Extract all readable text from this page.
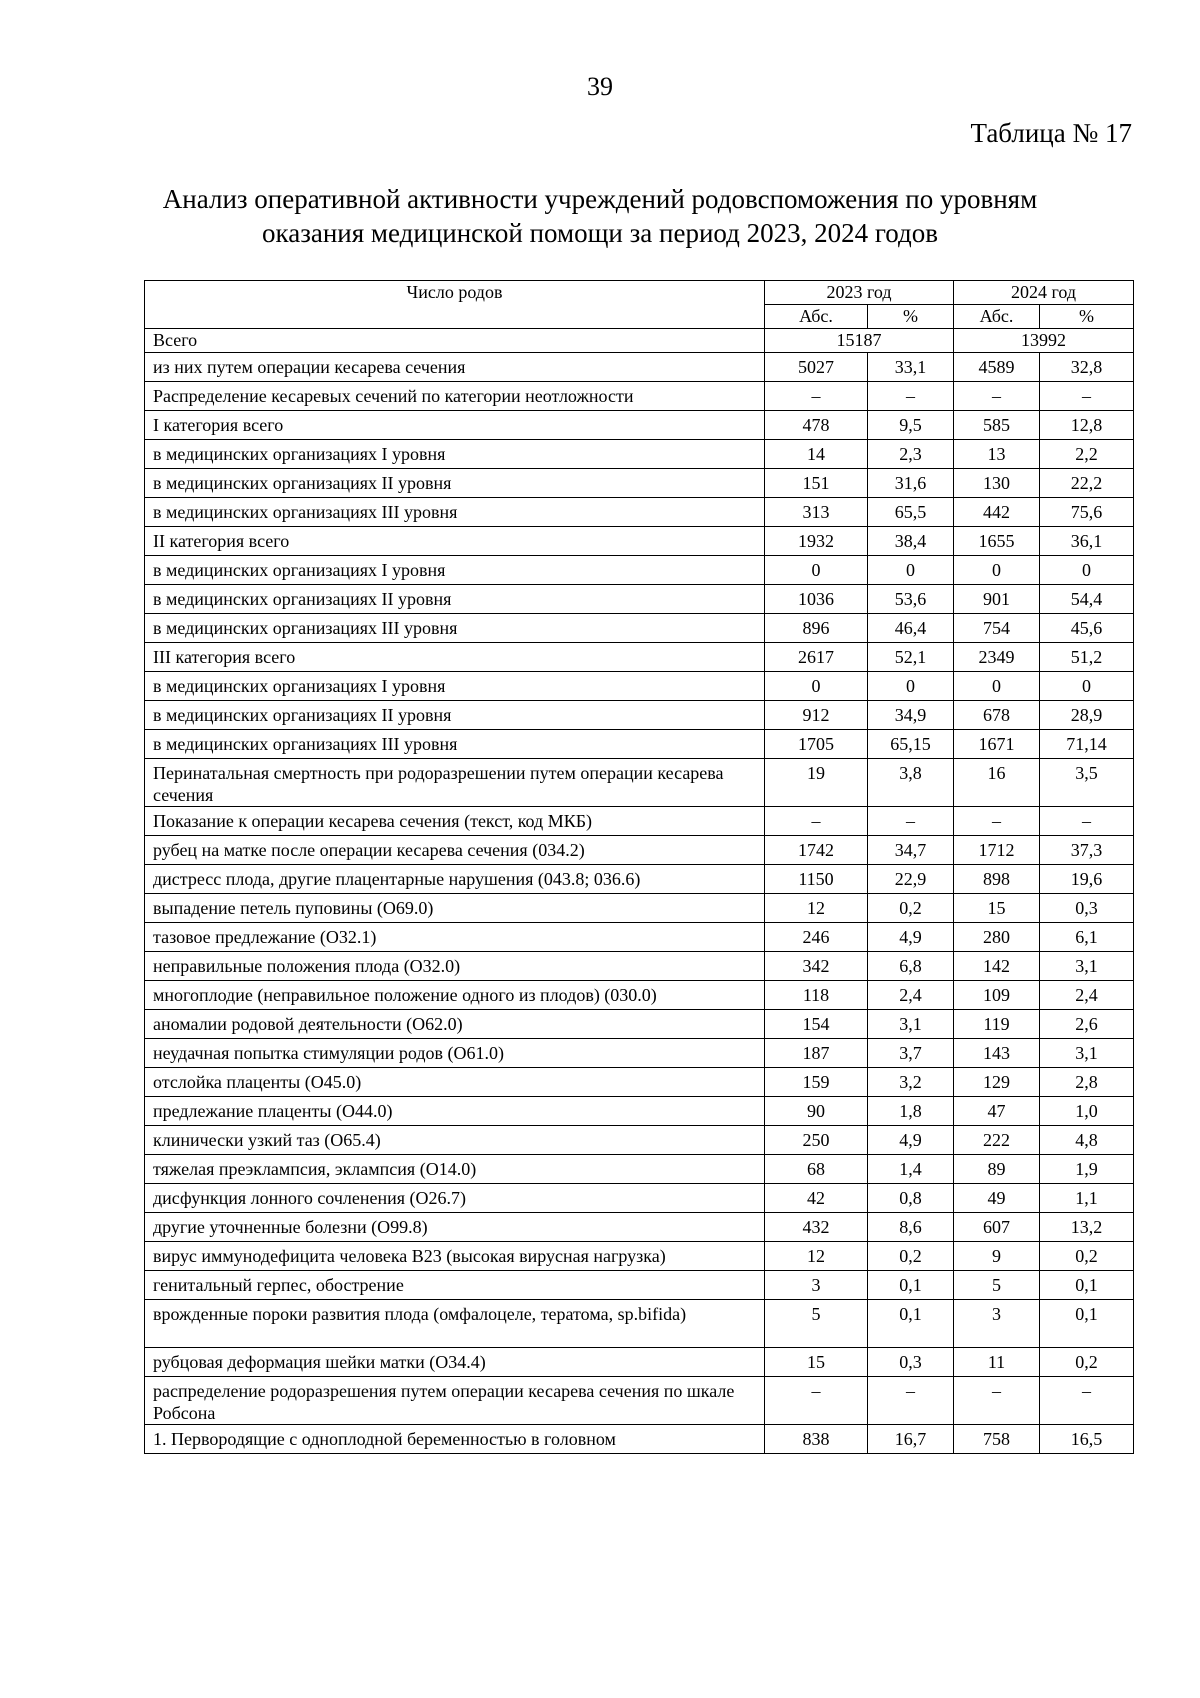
39
Таблица № 17
Анализ оперативной активности учреждений родовспоможения по уровням
оказания медицинской помощи за период 2023, 2024 годов
Число родов	2023 год		2024 год	
	Абс.	%	Абс.	%
Всего	15187		13992	
из них путем операции кесарева сечения	5027	33,1	4589	32,8
Распределение кесаревых сечений по категории неотложности	–	–	–	–
I категория всего	478	9,5	585	12,8
в медицинских организациях I уровня	14	2,3	13	2,2
в медицинских организациях II уровня	151	31,6	130	22,2
в медицинских организациях III уровня	313	65,5	442	75,6
II категория всего	1932	38,4	1655	36,1
в медицинских организациях I уровня	0	0	0	0
в медицинских организациях II уровня	1036	53,6	901	54,4
в медицинских организациях III уровня	896	46,4	754	45,6
III категория всего	2617	52,1	2349	51,2
в медицинских организациях I уровня	0	0	0	0
в медицинских организациях II уровня	912	34,9	678	28,9
в медицинских организациях III уровня	1705	65,15	1671	71,14
Перинатальная смертность при родоразрешении путем операции кесарева сечения	19	3,8	16	3,5
Показание к операции кесарева сечения (текст, код МКБ)	–	–	–	–
рубец на матке после операции кесарева сечения (034.2)	1742	34,7	1712	37,3
дистресс плода, другие плацентарные нарушения (043.8; 036.6)	1150	22,9	898	19,6
выпадение петель пуповины (О69.0)	12	0,2	15	0,3
тазовое предлежание (О32.1)	246	4,9	280	6,1
неправильные положения плода (О32.0)	342	6,8	142	3,1
многоплодие (неправильное положение одного из плодов) (030.0)	118	2,4	109	2,4
аномалии родовой деятельности (О62.0)	154	3,1	119	2,6
неудачная попытка стимуляции родов (О61.0)	187	3,7	143	3,1
отслойка плаценты (О45.0)	159	3,2	129	2,8
предлежание плаценты (О44.0)	90	1,8	47	1,0
клинически узкий таз (О65.4)	250	4,9	222	4,8
тяжелая преэклампсия, эклампсия (О14.0)	68	1,4	89	1,9
дисфункция лонного сочленения (О26.7)	42	0,8	49	1,1
другие уточненные болезни (О99.8)	432	8,6	607	13,2
вирус иммунодефицита человека В23 (высокая вирусная нагрузка)	12	0,2	9	0,2
генитальный герпес, обострение	3	0,1	5	0,1
врожденные пороки развития плода (омфалоцеле, тератома, sp.bifida)	5	0,1	3	0,1
рубцовая деформация шейки матки (О34.4)	15	0,3	11	0,2
распределение родоразрешения путем операции кесарева сечения по шкале Робсона	–	–	–	–
1. Первородящие с одноплодной беременностью в головном	838	16,7	758	16,5
